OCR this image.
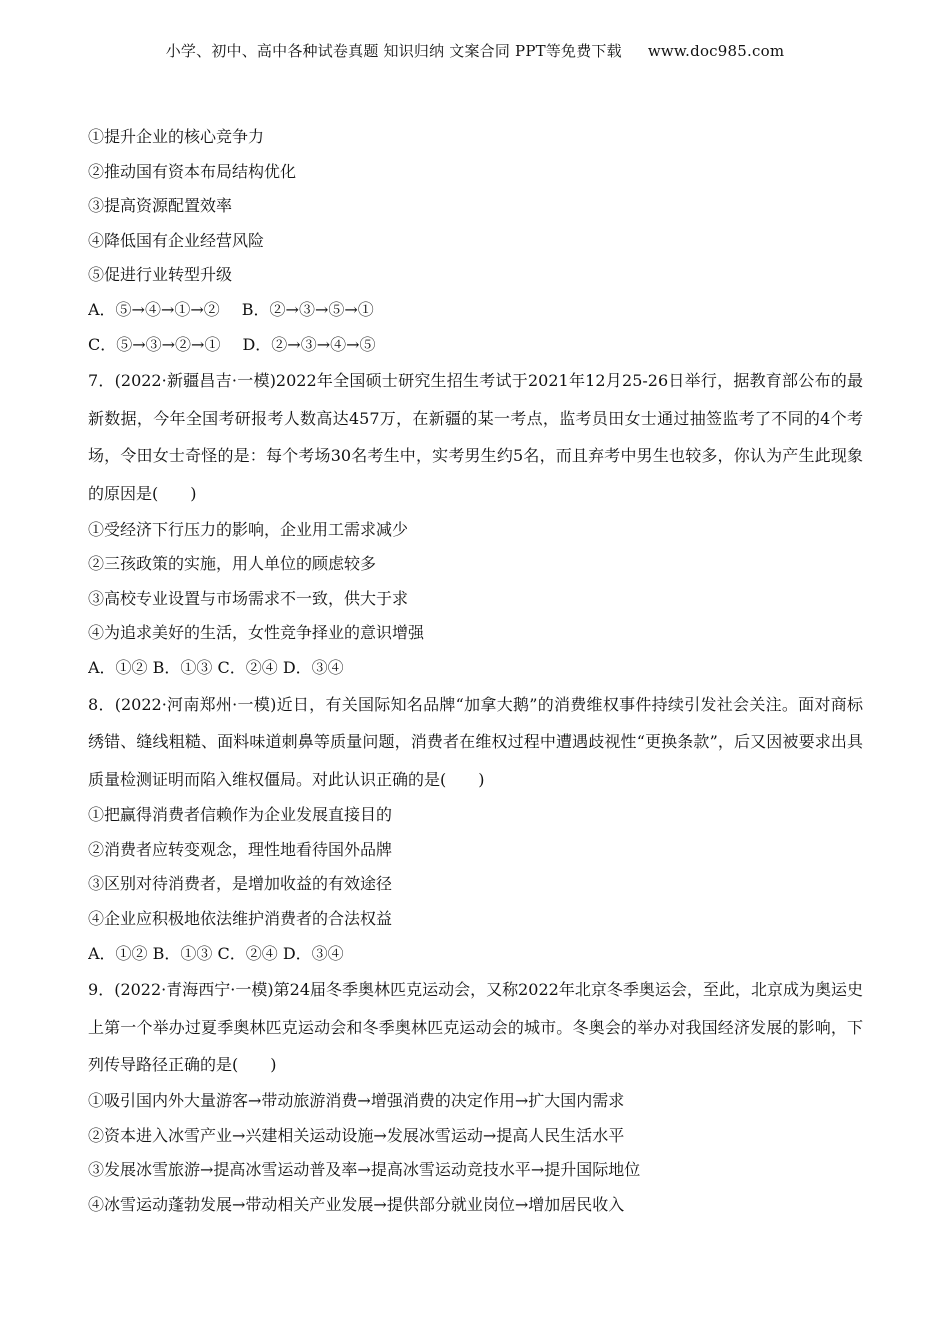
小学、初中、高中各种试卷真题 知识归纳 文案合同 PPT等免费下载 www.doc985.com
①提升企业的核心竞争力
②推动国有资本布局结构优化
③提高资源配置效率
④降低国有企业经营风险
⑤促进行业转型升级
A．⑤→④→①→② B．②→③→⑤→①
C．⑤→③→②→① D．②→③→④→⑤
7．(2022·新疆昌吉·一模)2022年全国硕士研究生招生考试于2021年12月25-26日举行，据教育部公布的最新数据，今年全国考研报考人数高达457万，在新疆的某一考点，监考员田女士通过抽签监考了不同的4个考场，令田女士奇怪的是：每个考场30名考生中，实考男生约5名，而且弃考中男生也较多，你认为产生此现象的原因是(　　)
①受经济下行压力的影响，企业用工需求减少
②三孩政策的实施，用人单位的顾虑较多
③高校专业设置与市场需求不一致，供大于求
④为追求美好的生活，女性竞争择业的意识增强
A．①② B．①③ C．②④ D．③④
8．(2022·河南郑州·一模)近日，有关国际知名品牌“加拿大鹅”的消费维权事件持续引发社会关注。面对商标绣错、缝线粗糙、面料味道刺鼻等质量问题，消费者在维权过程中遭遇歧视性“更换条款”，后又因被要求出具质量检测证明而陷入维权僵局。对此认识正确的是(　　)
①把赢得消费者信赖作为企业发展直接目的
②消费者应转变观念，理性地看待国外品牌
③区别对待消费者，是增加收益的有效途径
④企业应积极地依法维护消费者的合法权益
A．①② B．①③ C．②④ D．③④
9．(2022·青海西宁·一模)第24届冬季奥林匹克运动会，又称2022年北京冬季奥运会，至此，北京成为奥运史上第一个举办过夏季奥林匹克运动会和冬季奥林匹克运动会的城市。冬奥会的举办对我国经济发展的影响，下列传导路径正确的是(　　)
①吸引国内外大量游客→带动旅游消费→增强消费的决定作用→扩大国内需求
②资本进入冰雪产业→兴建相关运动设施→发展冰雪运动→提高人民生活水平
③发展冰雪旅游→提高冰雪运动普及率→提高冰雪运动竞技水平→提升国际地位
④冰雪运动蓬勃发展→带动相关产业发展→提供部分就业岗位→增加居民收入
